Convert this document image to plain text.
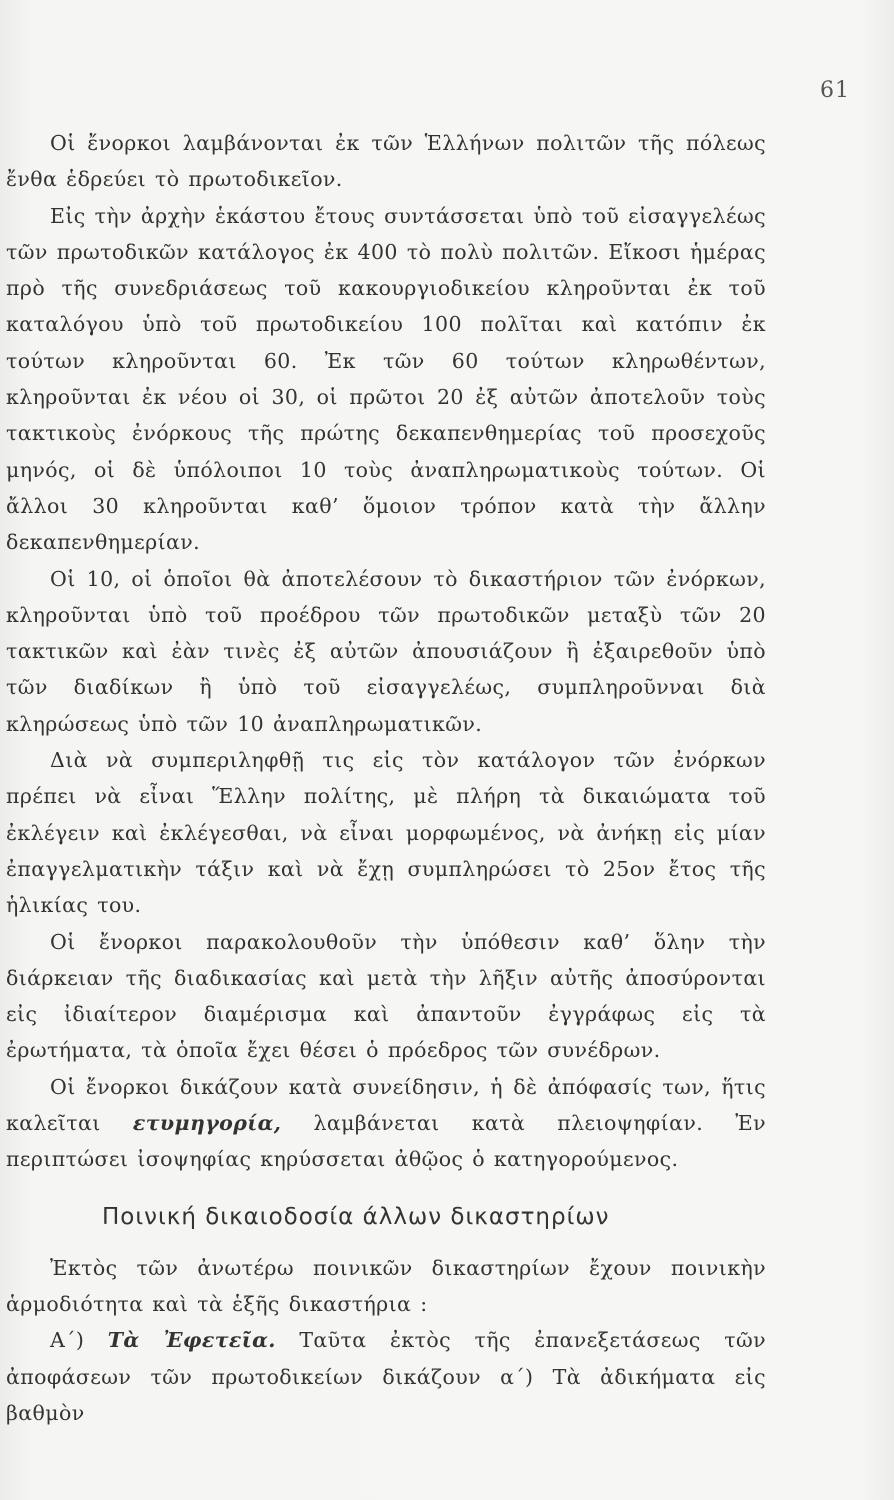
61

Οἱ ἔνορκοι λαμβάνονται ἐκ τῶν Ἑλλήνων πολιτῶν τῆς πόλεως ἔνθα ἑδρεύει τὸ πρωτοδικεῖον.

Εἰς τὴν ἀρχὴν ἑκάστου ἔτους συντάσσεται ὑπὸ τοῦ εἰσαγγελέως τῶν πρωτοδικῶν κατάλογος ἐκ 400 τὸ πολὺ πολιτῶν. Εἴκοσι ἡμέρας πρὸ τῆς συνεδριάσεως τοῦ κακουργιοδικείου κληροῦνται ἐκ τοῦ καταλόγου ὑπὸ τοῦ πρωτοδικείου 100 πολῖται καὶ κατόπιν ἐκ τούτων κληροῦνται 60. Ἐκ τῶν 60 τούτων κληρωθέντων, κληροῦνται ἐκ νέου οἱ 30, οἱ πρῶτοι 20 ἐξ αὐτῶν ἀποτελοῦν τοὺς τακτικοὺς ἐνόρκους τῆς πρώτης δεκαπενθημερίας τοῦ προσεχοῦς μηνός, οἱ δὲ ὑπόλοιποι 10 τοὺς ἀναπληρωματικοὺς τούτων. Οἱ ἄλλοι 30 κληροῦνται καθ’ ὅμοιον τρόπον κατὰ τὴν ἄλλην δεκαπενθημερίαν.

Οἱ 10, οἱ ὁποῖοι θὰ ἀποτελέσουν τὸ δικαστήριον τῶν ἐνόρκων, κληροῦνται ὑπὸ τοῦ προέδρου τῶν πρωτοδικῶν μεταξὺ τῶν 20 τακτικῶν καὶ ἐὰν τινὲς ἐξ αὐτῶν ἀπουσιάζουν ἢ ἐξαιρεθοῦν ὑπὸ τῶν διαδίκων ἢ ὑπὸ τοῦ εἰσαγγελέως, συμπληροῦνναι διὰ κληρώσεως ὑπὸ τῶν 10 ἀναπληρωματικῶν.

Διὰ νὰ συμπεριληφθῇ τις εἰς τὸν κατάλογον τῶν ἐνόρκων πρέπει νὰ εἶναι Ἕλλην πολίτης, μὲ πλήρη τὰ δικαιώματα τοῦ ἐκλέγειν καὶ ἐκλέγεσθαι, νὰ εἶναι μορφωμένος, νὰ ἀνήκῃ εἰς μίαν ἐπαγγελματικὴν τάξιν καὶ νὰ ἔχῃ συμπληρώσει τὸ 25ον ἔτος τῆς ἡλικίας του.

Οἱ ἔνορκοι παρακολουθοῦν τὴν ὑπόθεσιν καθ’ ὅλην τὴν διάρκειαν τῆς διαδικασίας καὶ μετὰ τὴν λῆξιν αὐτῆς ἀποσύρονται εἰς ἰδιαίτερον διαμέρισμα καὶ ἀπαντοῦν ἐγγράφως εἰς τὰ ἐρωτήματα, τὰ ὁποῖα ἔχει θέσει ὁ πρόεδρος τῶν συνέδρων.

Οἱ ἔνορκοι δικάζουν κατὰ συνείδησιν, ἡ δὲ ἀπόφασίς των, ἥτις καλεῖται ετυμηγορία, λαμβάνεται κατὰ πλειοψηφίαν. Ἐν περιπτώσει ἰσοψηφίας κηρύσσεται ἀθῷος ὁ κατηγορούμενος.

Ποινική δικαιοδοσία άλλων δικαστηρίων

Ἐκτὸς τῶν ἀνωτέρω ποινικῶν δικαστηρίων ἔχουν ποινικὴν ἁρμοδιότητα καὶ τὰ ἑξῆς δικαστήρια :

Α΄) Τὰ Ἐφετεῖα. Ταῦτα ἐκτὸς τῆς ἐπανεξετάσεως τῶν ἀποφάσεων τῶν πρωτοδικείων δικάζουν α΄) Τὰ ἀδικήματα εἰς βαθμὸν
